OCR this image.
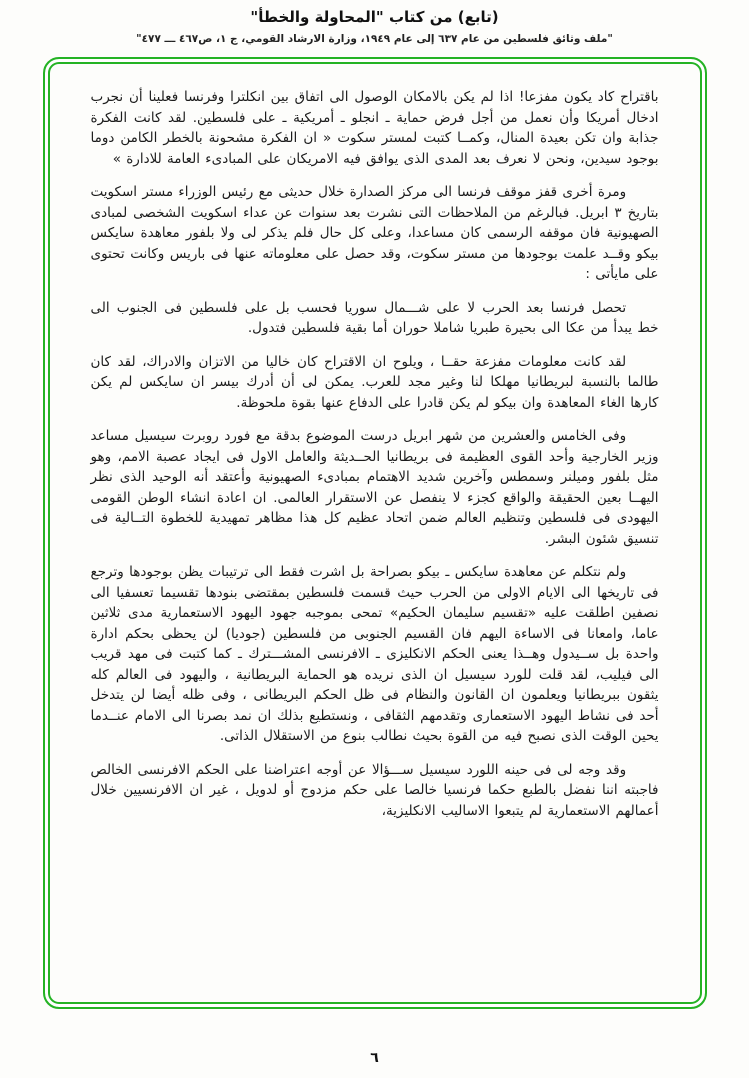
(تابع) من كتاب "المحاولة والخطأ"
"ملف وثائق فلسطين من عام ٦٣٧ إلى عام ١٩٤٩، وزارة الارشاد القومي، ج ١، ص٤٦٧ ـــ ٤٧٧"

باقتراح كاد يكون مفزعا! اذا لم يكن بالامكان الوصول الى اتفاق بين انكلترا وفرنسا فعلينا أن نجرب ادخال أمريكا وأن نعمل من أجل فرض حماية ـ انجلو ـ أمريكية ـ على فلسطين. لقد كانت الفكرة جذابة وان تكن بعيدة المنال، وكمــا كتبت لمستر سكوت « ان الفكرة مشحونة بالخطر الكامن دوما بوجود سيدين، ونحن لا نعرف بعد المدى الذى يوافق فيه الامريكان على المبادىء العامة للادارة »

ومرة أخرى قفز موقف فرنسا الى مركز الصدارة خلال حديثى مع رئيس الوزراء مستر اسكويت بتاريخ ٣ ابريل. فبالرغم من الملاحظات التى نشرت بعد سنوات عن عداء اسكويت الشخصى لمبادى الصهيونية فان موقفه الرسمى كان مساعدا، وعلى كل حال فلم يذكر لى ولا بلفور معاهدة سايكس بيكو وقــد علمت بوجودها من مستر سكوت، وقد حصل على معلوماته عنها فى باريس وكانت تحتوى على مايأتى :

تحصل فرنسا بعد الحرب لا على شـــمال سوريا فحسب بل على فلسطين فى الجنوب الى خط يبدأ من عكا الى بحيرة طبريا شاملا حوران أما بقية فلسطين فتدول.

لقد كانت معلومات مفزعة حقــا ، ويلوح ان الاقتراح كان خاليا من الاتزان والادراك، لقد كان طالما بالنسبة لبريطانيا مهلكا لنا وغير مجد للعرب. يمكن لى أن أدرك بيسر ان سايكس لم يكن كارها الغاء المعاهدة وان بيكو لم يكن قادرا على الدفاع عنها بقوة ملحوظة.

وفى الخامس والعشرين من شهر ابريل درست الموضوع بدقة مع فورد روبرت سيسيل مساعد وزير الخارجية وأحد القوى العظيمة فى بريطانيا الحــديثة والعامل الاول فى ايجاد عصبة الامم، وهو مثل بلفور وميلنر وسمطس وآخرين شديد الاهتمام بمبادىء الصهيونية وأعتقد أنه الوحيد الذى نظر اليهــا بعين الحقيقة والواقع كجزء لا ينفصل عن الاستقرار العالمى. ان اعادة انشاء الوطن القومى اليهودى فى فلسطين وتنظيم العالم ضمن اتحاد عظيم كل هذا مظاهر تمهيدية للخطوة التــالية فى تنسيق شئون البشر.

ولم نتكلم عن معاهدة سايكس ـ بيكو بصراحة بل اشرت فقط الى ترتيبات يظن بوجودها وترجع فى تاريخها الى الايام الاولى من الحرب حيث قسمت فلسطين بمقتضى بنودها تقسيما تعسفيا الى نصفين اطلقت عليه «تقسيم سليمان الحكيم» تمحى بموجبه جهود اليهود الاستعمارية مدى ثلاثين عاما، وامعانا فى الاساءة اليهم فان القسيم الجنوبى من فلسطين (جوديا) لن يحظى بحكم ادارة واحدة بل ســيدول وهــذا يعنى الحكم الانكليزى ـ الافرنسى المشـــترك ـ كما كتبت فى مهد قريب الى فيليب، لقد قلت للورد سيسيل ان الذى نريده هو الحماية البريطانية ، واليهود فى العالم كله يثقون ببريطانيا ويعلمون ان القانون والنظام فى ظل الحكم البريطانى ، وفى ظله أيضا لن يتدخل أحد فى نشاط اليهود الاستعمارى وتقدمهم الثقافى ، ونستطيع بذلك ان نمد بصرنا الى الامام عنــدما يحين الوقت الذى نصبح فيه من القوة بحيث نطالب بنوع من الاستقلال الذاتى.

وقد وجه لى فى حينه اللورد سيسيل ســـؤالا عن أوجه اعتراضنا على الحكم الافرنسى الخالص فاجبته اننا نفضل بالطبع حكما فرنسيا خالصا على حكم مزدوج أو لدويل ، غير ان الافرنسيين خلال أعمالهم الاستعمارية لم يتبعوا الاساليب الانكليزية،

٦
